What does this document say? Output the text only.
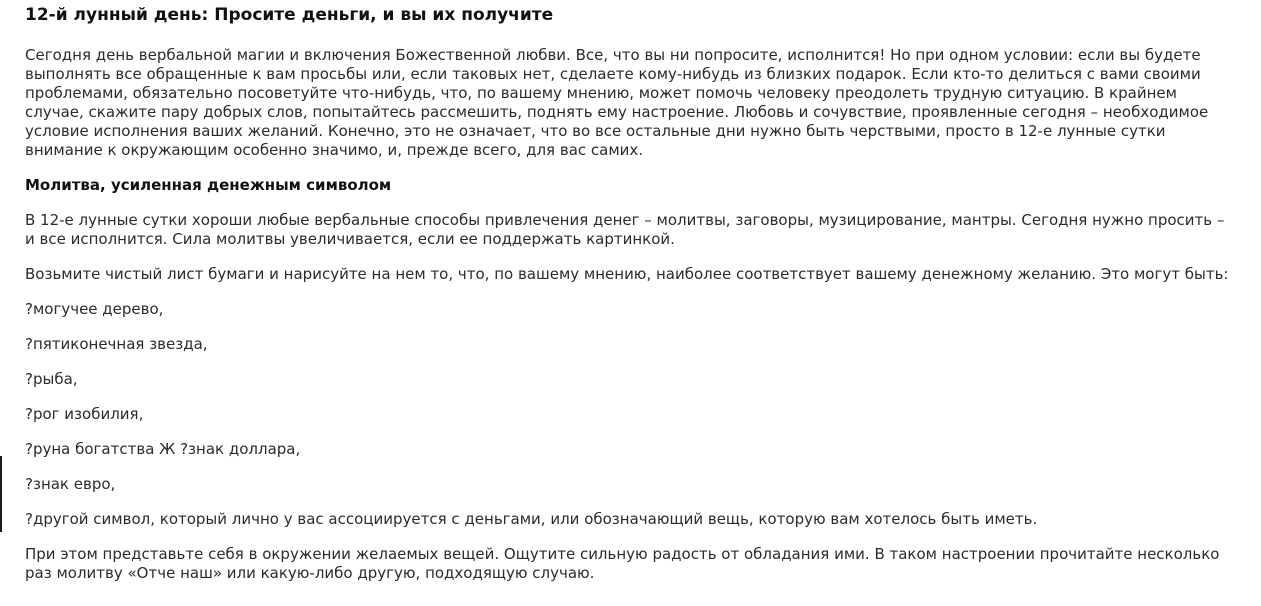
12-й лунный день: Просите деньги, и вы их получите

Сегодня день вербальной магии и включения Божественной любви. Все, что вы ни попросите, исполнится! Но при одном условии: если вы будете выполнять все обращенные к вам просьбы или, если таковых нет, сделаете кому-нибудь из близких подарок. Если кто-то делиться с вами своими проблемами, обязательно посоветуйте что-нибудь, что, по вашему мнению, может помочь человеку преодолеть трудную ситуацию. В крайнем случае, скажите пару добрых слов, попытайтесь рассмешить, поднять ему настроение. Любовь и сочувствие, проявленные сегодня – необходимое условие исполнения ваших желаний. Конечно, это не означает, что во все остальные дни нужно быть черствыми, просто в 12-е лунные сутки внимание к окружающим особенно значимо, и, прежде всего, для вас самих.

Молитва, усиленная денежным символом

В 12-е лунные сутки хороши любые вербальные способы привлечения денег – молитвы, заговоры, музицирование, мантры. Сегодня нужно просить – и все исполнится. Сила молитвы увеличивается, если ее поддержать картинкой.

Возьмите чистый лист бумаги и нарисуйте на нем то, что, по вашему мнению, наиболее соответствует вашему денежному желанию. Это могут быть:

?могучее дерево,

?пятиконечная звезда,

?рыба,

?рог изобилия,

?руна богатства Ж ?знак доллара,

?знак евро,

?другой символ, который лично у вас ассоциируется с деньгами, или обозначающий вещь, которую вам хотелось быть иметь.

При этом представьте себя в окружении желаемых вещей. Ощутите сильную радость от обладания ими. В таком настроении прочитайте несколько раз молитву «Отче наш» или какую-либо другую, подходящую случаю.
